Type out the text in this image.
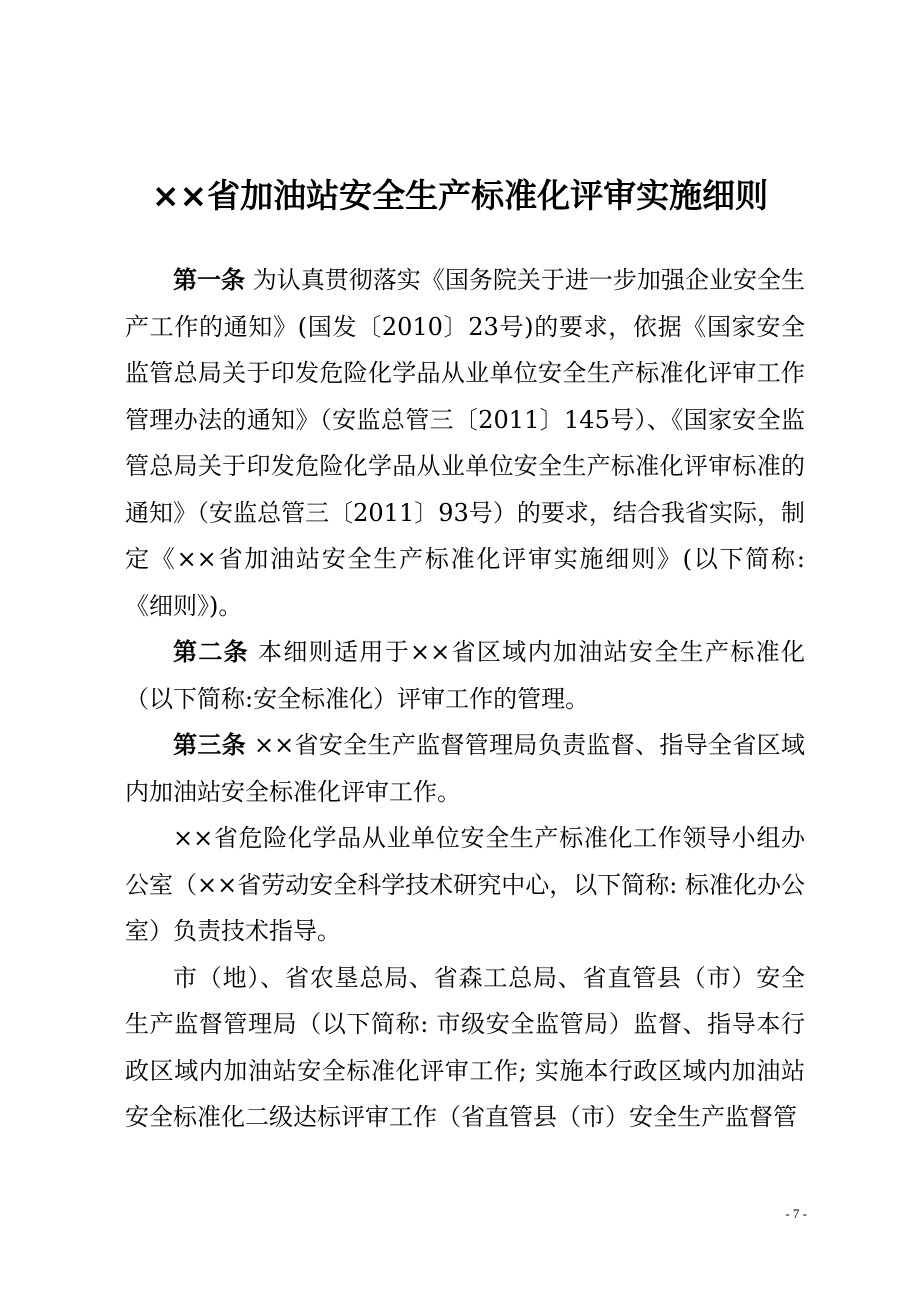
××省加油站安全生产标准化评审实施细则

第一条 为认真贯彻落实《国务院关于进一步加强企业安全生产工作的通知》(国发〔2010〕23号)的要求，依据《国家安全监管总局关于印发危险化学品从业单位安全生产标准化评审工作管理办法的通知》（安监总管三〔2011〕145号）、《国家安全监管总局关于印发危险化学品从业单位安全生产标准化评审标准的通知》（安监总管三〔2011〕93号）的要求，结合我省实际，制定《××省加油站安全生产标准化评审实施细则》(以下简称:《细则》)。

第二条 本细则适用于××省区域内加油站安全生产标准化（以下简称:安全标准化）评审工作的管理。

第三条 ××省安全生产监督管理局负责监督、指导全省区域内加油站安全标准化评审工作。

××省危险化学品从业单位安全生产标准化工作领导小组办公室（××省劳动安全科学技术研究中心，以下简称: 标准化办公室）负责技术指导。

市（地）、省农垦总局、省森工总局、省直管县（市）安全生产监督管理局（以下简称: 市级安全监管局）监督、指导本行政区域内加油站安全标准化评审工作; 实施本行政区域内加油站安全标准化二级达标评审工作（省直管县（市）安全生产监督管

- 7 -
